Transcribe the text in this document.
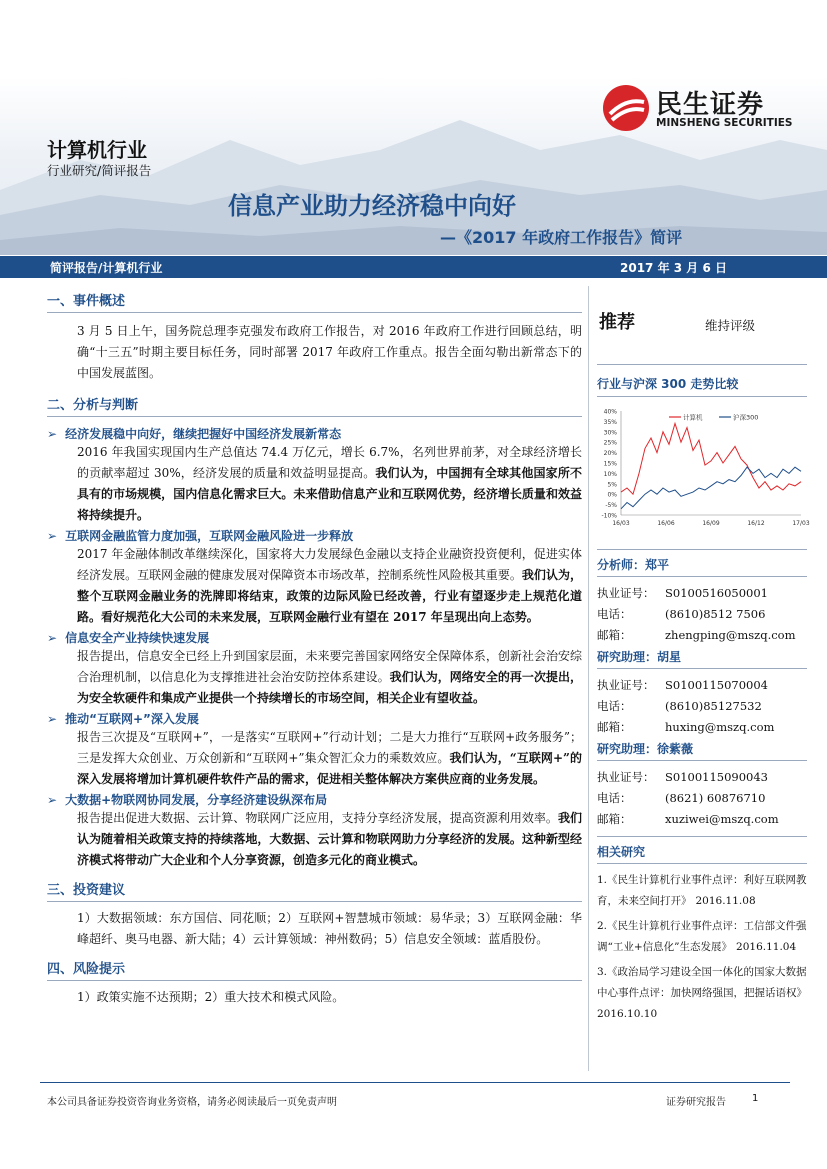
民生证券
MINSHENG SECURITIES
计算机行业
行业研究/简评报告
信息产业助力经济稳中向好
—《2017 年政府工作报告》简评
简评报告/计算机行业	2017 年 3 月 6 日
一、事件概述
3 月 5 日上午，国务院总理李克强发布政府工作报告，对 2016 年政府工作进行回顾总结，明确“十三五”时期主要目标任务，同时部署 2017 年政府工作重点。报告全面勾勒出新常态下的中国发展蓝图。
二、分析与判断
➢ 经济发展稳中向好，继续把握好中国经济发展新常态
2016 年我国实现国内生产总值达 74.4 万亿元，增长 6.7%，名列世界前茅，对全球经济增长的贡献率超过 30%，经济发展的质量和效益明显提高。我们认为，中国拥有全球其他国家所不具有的市场规模，国内信息化需求巨大。未来借助信息产业和互联网优势，经济增长质量和效益将持续提升。
➢ 互联网金融监管力度加强，互联网金融风险进一步释放
2017 年金融体制改革继续深化，国家将大力发展绿色金融以支持企业融资投资便利，促进实体经济发展。互联网金融的健康发展对保障资本市场改革，控制系统性风险极其重要。我们认为，整个互联网金融业务的洗牌即将结束，政策的边际风险已经改善，行业有望逐步走上规范化道路。看好规范化大公司的未来发展，互联网金融行业有望在 2017 年呈现出向上态势。
➢ 信息安全产业持续快速发展
报告提出，信息安全已经上升到国家层面，未来要完善国家网络安全保障体系，创新社会治安综合治理机制，以信息化为支撑推进社会治安防控体系建设。我们认为，网络安全的再一次提出，为安全软硬件和集成产业提供一个持续增长的市场空间，相关企业有望收益。
➢ 推动“互联网+”深入发展
报告三次提及“互联网+”，一是落实“互联网+”行动计划；二是大力推行“互联网+政务服务”；三是发挥大众创业、万众创新和“互联网+”集众智汇众力的乘数效应。我们认为，“互联网+”的深入发展将增加计算机硬件软件产品的需求，促进相关整体解决方案供应商的业务发展。
➢ 大数据+物联网协同发展，分享经济建设纵深布局
报告提出促进大数据、云计算、物联网广泛应用，支持分享经济发展，提高资源利用效率。我们认为随着相关政策支持的持续落地，大数据、云计算和物联网助力分享经济的发展。这种新型经济模式将带动广大企业和个人分享资源，创造多元化的商业模式。
三、投资建议
1）大数据领域：东方国信、同花顺；2）互联网+智慧城市领域：易华录；3）互联网金融：华峰超纤、奥马电器、新大陆；4）云计算领域：神州数码；5）信息安全领域：蓝盾股份。
四、风险提示
1）政策实施不达预期；2）重大技术和模式风险。
推荐	维持评级
行业与沪深 300 走势比较
40%
35%
30%
25%
20%
15%
10%
5%
0%
-5%
-10%
16/03	16/06	16/09	16/12	17/03
计算机	沪深300
分析师：郑平
执业证号： S0100516050001
电话：	(8610)8512 7506
邮箱：	zhengping@mszq.com
研究助理：胡星
执业证号： S0100115070004
电话：	(8610)85127532
邮箱：	huxing@mszq.com
研究助理：徐紫薇
执业证号： S0100115090043
电话：	(8621) 60876710
邮箱：	xuziwei@mszq.com
相关研究
1.《民生计算机行业事件点评：利好互联网教育，未来空间打开》 2016.11.08
2.《民生计算机行业事件点评：工信部文件强调“工业+信息化”生态发展》 2016.11.04
3.《政治局学习建设全国一体化的国家大数据中心事件点评：加快网络强国，把握话语权》
2016.10.10
本公司具备证券投资咨询业务资格，请务必阅读最后一页免责声明	证券研究报告	1
